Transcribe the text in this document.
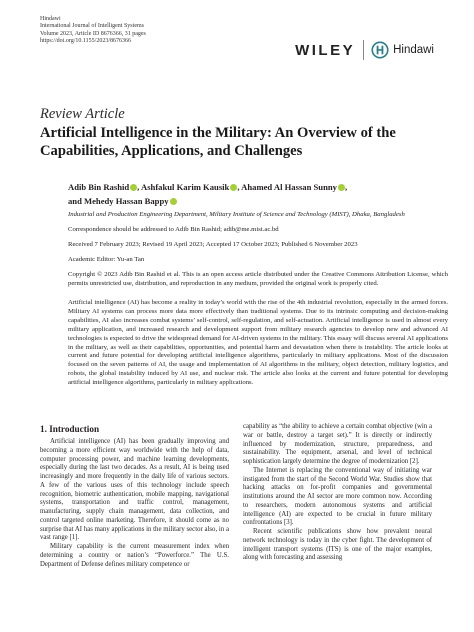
Hindawi
International Journal of Intelligent Systems
Volume 2023, Article ID 8676366, 31 pages
https://doi.org/10.1155/2023/8676366
WILEY	Hindawi
Review Article
Artificial Intelligence in the Military: An Overview of the Capabilities, Applications, and Challenges
Adib Bin Rashid , Ashfakul Karim Kausik , Ahamed Al Hassan Sunny ,
and Mehedy Hassan Bappy
Industrial and Production Engineering Department, Military Institute of Science and Technology (MIST), Dhaka, Bangladesh
Correspondence should be addressed to Adib Bin Rashid; adib@me.mist.ac.bd
Received 7 February 2023; Revised 19 April 2023; Accepted 17 October 2023; Published 6 November 2023
Academic Editor: Yu-an Tan
Copyright © 2023 Adib Bin Rashid et al. This is an open access article distributed under the Creative Commons Attribution License, which permits unrestricted use, distribution, and reproduction in any medium, provided the original work is properly cited.
Artificial intelligence (AI) has become a reality in today’s world with the rise of the 4th industrial revolution, especially in the armed forces. Military AI systems can process more data more effectively than traditional systems. Due to its intrinsic computing and decision-making capabilities, AI also increases combat systems’ self-control, self-regulation, and self-actuation. Artificial intelligence is used in almost every military application, and increased research and development support from military research agencies to develop new and advanced AI technologies is expected to drive the widespread demand for AI-driven systems in the military. This essay will discuss several AI applications in the military, as well as their capabilities, opportunities, and potential harm and devastation when there is instability. The article looks at current and future potential for developing artificial intelligence algorithms, particularly in military applications. Most of the discussion focused on the seven patterns of AI, the usage and implementation of AI algorithms in the military, object detection, military logistics, and robots, the global instability induced by AI use, and nuclear risk. The article also looks at the current and future potential for developing artificial intelligence algorithms, particularly in military applications.
1. Introduction

Artificial intelligence (AI) has been gradually improving and becoming a more efficient way worldwide with the help of data, computer processing power, and machine learning developments, especially during the last two decades. As a result, AI is being used increasingly and more frequently in the daily life of various sectors. A few of the various uses of this technology include speech recognition, biometric authentication, mobile mapping, navigational systems, transportation and traffic control, management, manufacturing, supply chain management, data collection, and control targeted online marketing. Therefore, it should come as no surprise that AI has many applications in the military sector also, in a vast range [1].

Military capability is the current measurement index when determining a country or nation’s “Powerforce.” The U.S. Department of Defense defines military competence or

capability as “the ability to achieve a certain combat objective (win a war or battle, destroy a target set).” It is directly or indirectly influenced by modernization, structure, preparedness, and sustainability. The equipment, arsenal, and level of technical sophistication largely determine the degree of modernization [2].

The Internet is replacing the conventional way of initiating war instigated from the start of the Second World War. Studies show that hacking attacks on for-profit companies and governmental institutions around the AI sector are more common now. According to researchers, modern autonomous systems and artificial intelligence (AI) are expected to be crucial in future military confrontations [3].

Recent scientific publications show how prevalent neural network technology is today in the cyber fight. The development of intelligent transport systems (ITS) is one of the major examples, along with forecasting and assessing
